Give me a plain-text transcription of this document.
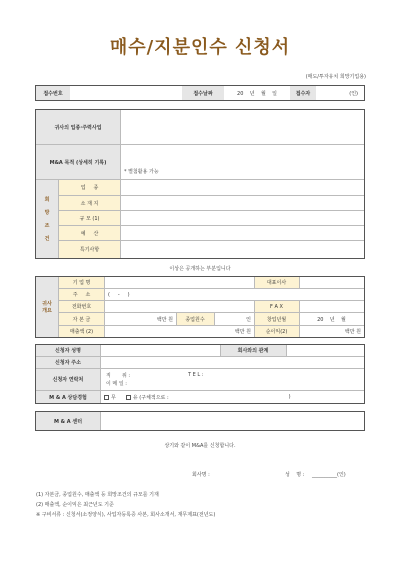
매수/지분인수 신청서
(매도/투자유치 희망기업용)
접수번호	접수날짜	20    년    월    일	접수자	(인)
귀사의 업종·주력사업
M&A 목적 (상세히 기록)
* 별첨활용 가능
희
망
조
건
업     종
소 재 지
규 모 (1)
예     산
특기사항
이상은 공개하는 부분입니다
귀사
개요
기 업 명	대표이사
주     소	(     -     )
전화번호	F A X
자 본 금	백만 원	종업원수	인	창업년월	20    년    월
매출액 (2)	백만 원	순이익(2)	백만 원
신청자 성명	회사와의 관계
신청자 주소
신청자 연락처
직       위 :	T E L :
이 메 일 :
M & A 상담경험	무	유 (구체적으로 :	)
M & A 센터
상기와 같이 M&A를 신청합니다.
회사명 :	성    명 : __________(인)
(1) 자본금, 종업원수, 매출액 등 희망조건의 규모를 기재
(2) 매출액, 순이익은 최근년도 기준
※ 구비서류 : 신청서(소정양식), 사업자등록증 사본, 회사소개서, 재무제표(전년도)
